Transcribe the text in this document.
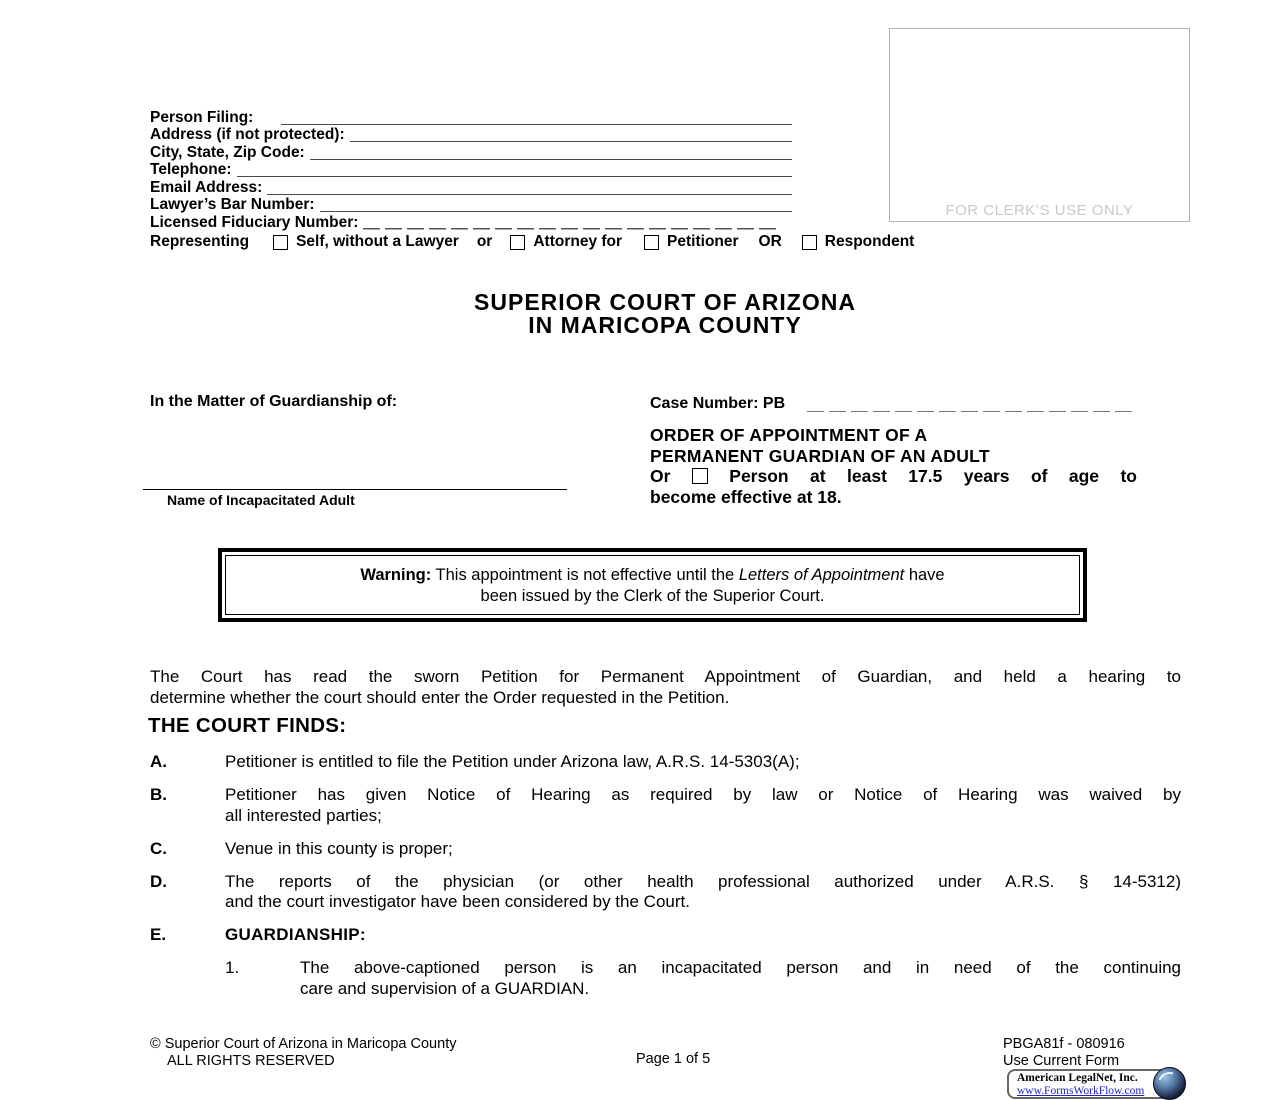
Person Filing:
Address (if not protected):
City, State, Zip Code:
Telephone:
Email Address:
Lawyer’s Bar Number:
Licensed Fiduciary Number:
Representing	Self, without a Lawyer or	Attorney for	Petitioner OR	Respondent
FOR CLERK’S USE ONLY
SUPERIOR COURT OF ARIZONA
IN MARICOPA COUNTY
In the Matter of Guardianship of:
Name of Incapacitated Adult
Case Number: PB
ORDER OF APPOINTMENT OF A
PERMANENT GUARDIAN OF AN ADULT
Or	Person at least 17.5 years of age to
become effective at 18.
Warning: This appointment is not effective until the Letters of Appointment have
been issued by the Clerk of the Superior Court.
The Court has read the sworn Petition for Permanent Appointment of Guardian, and held a hearing to
determine whether the court should enter the Order requested in the Petition.
THE COURT FINDS:
A.	Petitioner is entitled to file the Petition under Arizona law, A.R.S. 14-5303(A);
B.	Petitioner has given Notice of Hearing as required by law or Notice of Hearing was waived by
all interested parties;
C.	Venue in this county is proper;
D.	The reports of the physician (or other health professional authorized under A.R.S. § 14-5312)
and the court investigator have been considered by the Court.
E.	GUARDIANSHIP:
1.	The above-captioned person is an incapacitated person and in need of the continuing
care and supervision of a GUARDIAN.
© Superior Court of Arizona in Maricopa County
ALL RIGHTS RESERVED	Page 1 of 5
PBGA81f - 080916
Use Current Form
American LegalNet, Inc.
www.FormsWorkFlow.com
